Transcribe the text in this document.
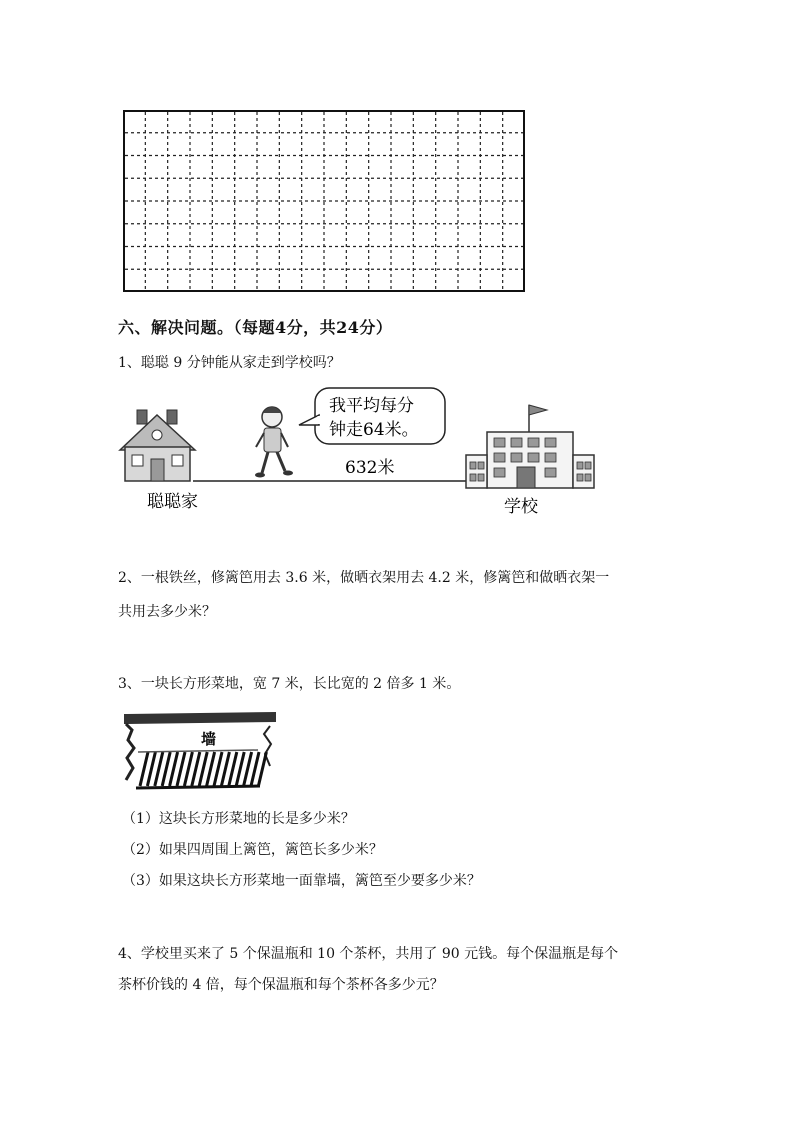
六、解决问题。（每题4分，共24分）
1、聪聪 9 分钟能从家走到学校吗？
聪聪家
我平均每分
钟走64米。
632米
学校
2、一根铁丝，修篱笆用去 3.6 米，做晒衣架用去 4.2 米，修篱笆和做晒衣架一
共用去多少米？
3、一块长方形菜地，宽 7 米，长比宽的 2 倍多 1 米。
墙
（1）这块长方形菜地的长是多少米？
（2）如果四周围上篱笆，篱笆长多少米？
（3）如果这块长方形菜地一面靠墙，篱笆至少要多少米？
4、学校里买来了 5 个保温瓶和 10 个茶杯，共用了 90 元钱。每个保温瓶是每个
茶杯价钱的 4 倍，每个保温瓶和每个茶杯各多少元？
